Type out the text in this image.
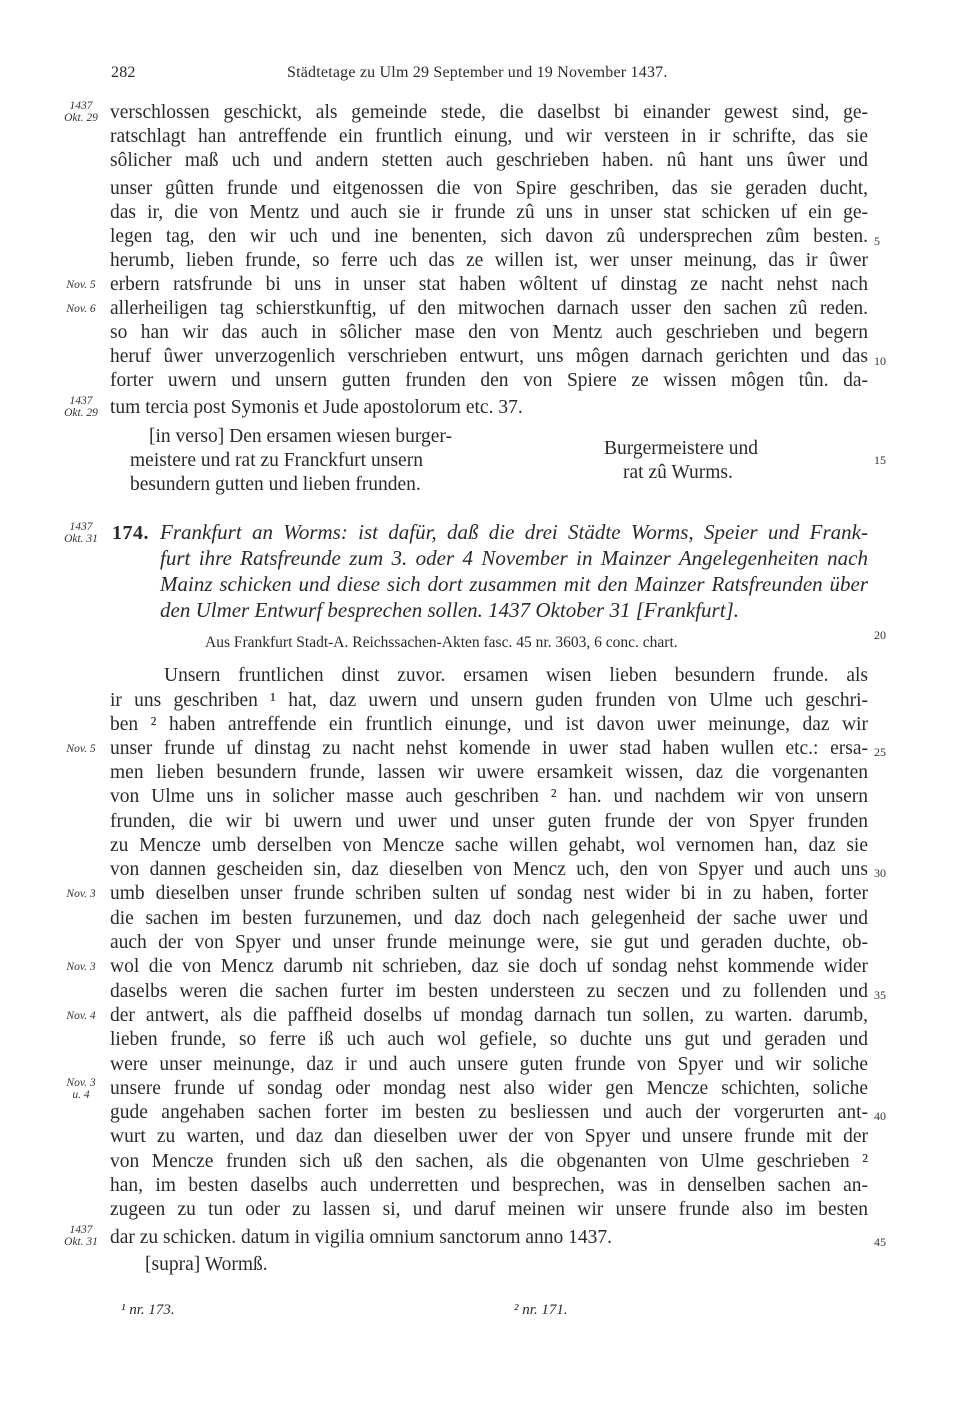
282	Städtetage zu Ulm 29 September und 19 November 1437.
verschlossen geschickt, als gemeinde stede, die daselbst bi einander gewest sind, ge-
ratschlagt han antreffende ein fruntlich einung, und wir versteen in ir schrifte, das sie
sôlicher maß uch und andern stetten auch geschrieben haben. nû hant uns ûwer und
unser gûtten frunde und eitgenossen die von Spire geschriben, das sie geraden ducht,
das ir, die von Mentz und auch sie ir frunde zû uns in unser stat schicken uf ein ge-
legen tag, den wir uch und ine benenten, sich davon zû undersprechen zûm besten.
herumb, lieben frunde, so ferre uch das ze willen ist, wer unser meinung, das ir ûwer
erbern ratsfrunde bi uns in unser stat haben wôltent uf dinstag ze nacht nehst nach
allerheiligen tag schierstkunftig, uf den mitwochen darnach usser den sachen zû reden.
so han wir das auch in sôlicher mase den von Mentz auch geschrieben und begern
heruf ûwer unverzogenlich verschrieben entwurt, uns môgen darnach gerichten und das
forter uwern und unsern gutten frunden den von Spiere ze wissen môgen tûn. da-
tum tercia post Symonis et Jude apostolorum etc. 37.
[in verso] Den ersamen wiesen burger-
meistere und rat zu Franckfurt unsern
besundern gutten und lieben frunden.
Burgermeistere und
rat zû Wurms.
174. Frankfurt an Worms: ist dafür, daß die drei Städte Worms, Speier und Frank-
furt ihre Ratsfreunde zum 3. oder 4 November in Mainzer Angelegenheiten nach
Mainz schicken und diese sich dort zusammen mit den Mainzer Ratsfreunden über
den Ulmer Entwurf besprechen sollen. 1437 Oktober 31 [Frankfurt].
Aus Frankfurt Stadt-A. Reichssachen-Akten fasc. 45 nr. 3603, 6 conc. chart.
Unsern fruntlichen dinst zuvor. ersamen wisen lieben besundern frunde. als
ir uns geschriben ¹ hat, daz uwern und unsern guden frunden von Ulme uch geschri-
ben ² haben antreffende ein fruntlich einunge, und ist davon uwer meinunge, daz wir
unser frunde uf dinstag zu nacht nehst komende in uwer stad haben wullen etc.: ersa-
men lieben besundern frunde, lassen wir uwere ersamkeit wissen, daz die vorgenanten
von Ulme uns in solicher masse auch geschriben ² han. und nachdem wir von unsern
frunden, die wir bi uwern und uwer und unser guten frunde der von Spyer frunden
zu Mencze umb derselben von Mencze sache willen gehabt, wol vernomen han, daz sie
von dannen gescheiden sin, daz dieselben von Mencz uch, den von Spyer und auch uns
umb dieselben unser frunde schriben sulten uf sondag nest wider bi in zu haben, forter
die sachen im besten furzunemen, und daz doch nach gelegenheid der sache uwer und
auch der von Spyer und unser frunde meinunge were, sie gut und geraden duchte, ob-
wol die von Mencz darumb nit schrieben, daz sie doch uf sondag nehst kommende wider
daselbs weren die sachen furter im besten understeen zu seczen und zu follenden und
der antwert, als die paffheid doselbs uf mondag darnach tun sollen, zu warten. darumb,
lieben frunde, so ferre iß uch auch wol gefiele, so duchte uns gut und geraden und
were unser meinunge, daz ir und auch unsere guten frunde von Spyer und wir soliche
unsere frunde uf sondag oder mondag nest also wider gen Mencze schichten, soliche
gude angehaben sachen forter im besten zu besliessen und auch der vorgerurten ant-
wurt zu warten, und daz dan dieselben uwer der von Spyer und unsere frunde mit der
von Mencze frunden sich uß den sachen, als die obgenanten von Ulme geschrieben ²
han, im besten daselbs auch underretten und besprechen, was in denselben sachen an-
zugeen zu tun oder zu lassen si, und daruf meinen wir unsere frunde also im besten
dar zu schicken. datum in vigilia omnium sanctorum anno 1437.
[supra] Wormß.
1437
Okt. 29
Nov. 5
Nov. 6
1437
Okt. 29
1437
Okt. 31
Nov. 5
Nov. 3
Nov. 3
Nov. 4
Nov. 3
u. 4
1437
Okt. 31
5
10
15
20
25
30
35
40
45
¹ nr. 173.	² nr. 171.
